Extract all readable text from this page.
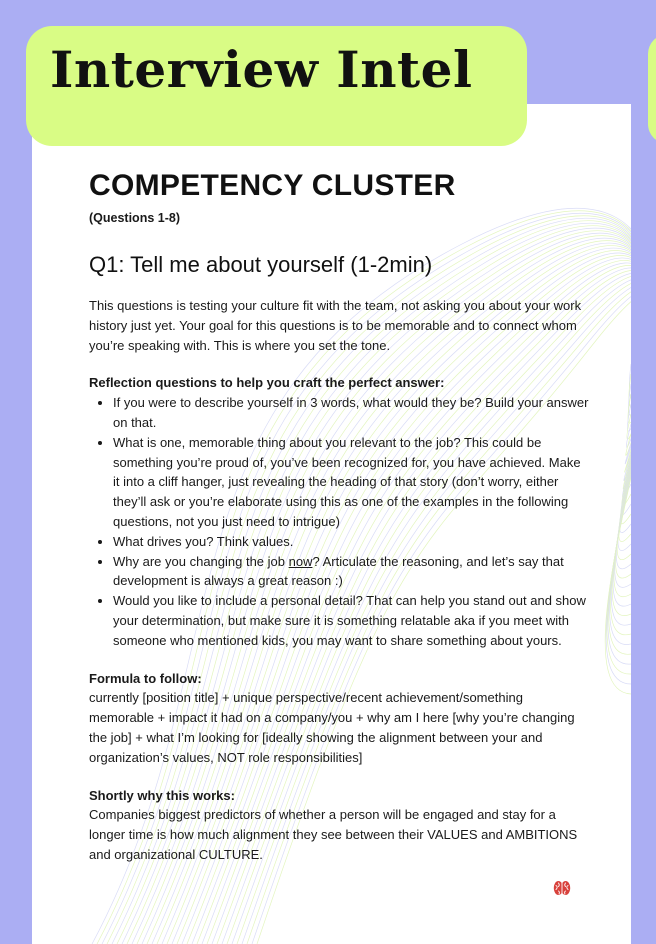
Interview Intel
COMPETENCY CLUSTER

(Questions 1-8)

Q1: Tell me about yourself (1-2min)

This questions is testing your culture fit with the team, not asking you about your work history just yet. Your goal for this questions is to be memorable and to connect whom you’re speaking with. This is where you set the tone.

Reflection questions to help you craft the perfect answer:

• If you were to describe yourself in 3 words, what would they be? Build your answer on that.
• What is one, memorable thing about you relevant to the job? This could be something you’re proud of, you’ve been recognized for, you have achieved. Make it into a cliff hanger, just revealing the heading of that story (don’t worry, either they’ll ask or you’re elaborate using this as one of the examples in the following questions, not you just need to intrigue)
• What drives you? Think values.
• Why are you changing the job now? Articulate the reasoning, and let’s say that development is always a great reason :)
• Would you like to include a personal detail? That can help you stand out and show your determination, but make sure it is something relatable aka if you meet with someone who mentioned kids, you may want to share something about yours.

Formula to follow:

currently [position title] + unique perspective/recent achievement/something memorable + impact it had on a company/you + why am I here [why you’re changing the job] + what I’m looking for [ideally showing the alignment between your and organization’s values, NOT role responsibilities]

Shortly why this works:

Companies biggest predictors of whether a person will be engaged and stay for a longer time is how much alignment they see between their VALUES and AMBITIONS and organizational CULTURE.
